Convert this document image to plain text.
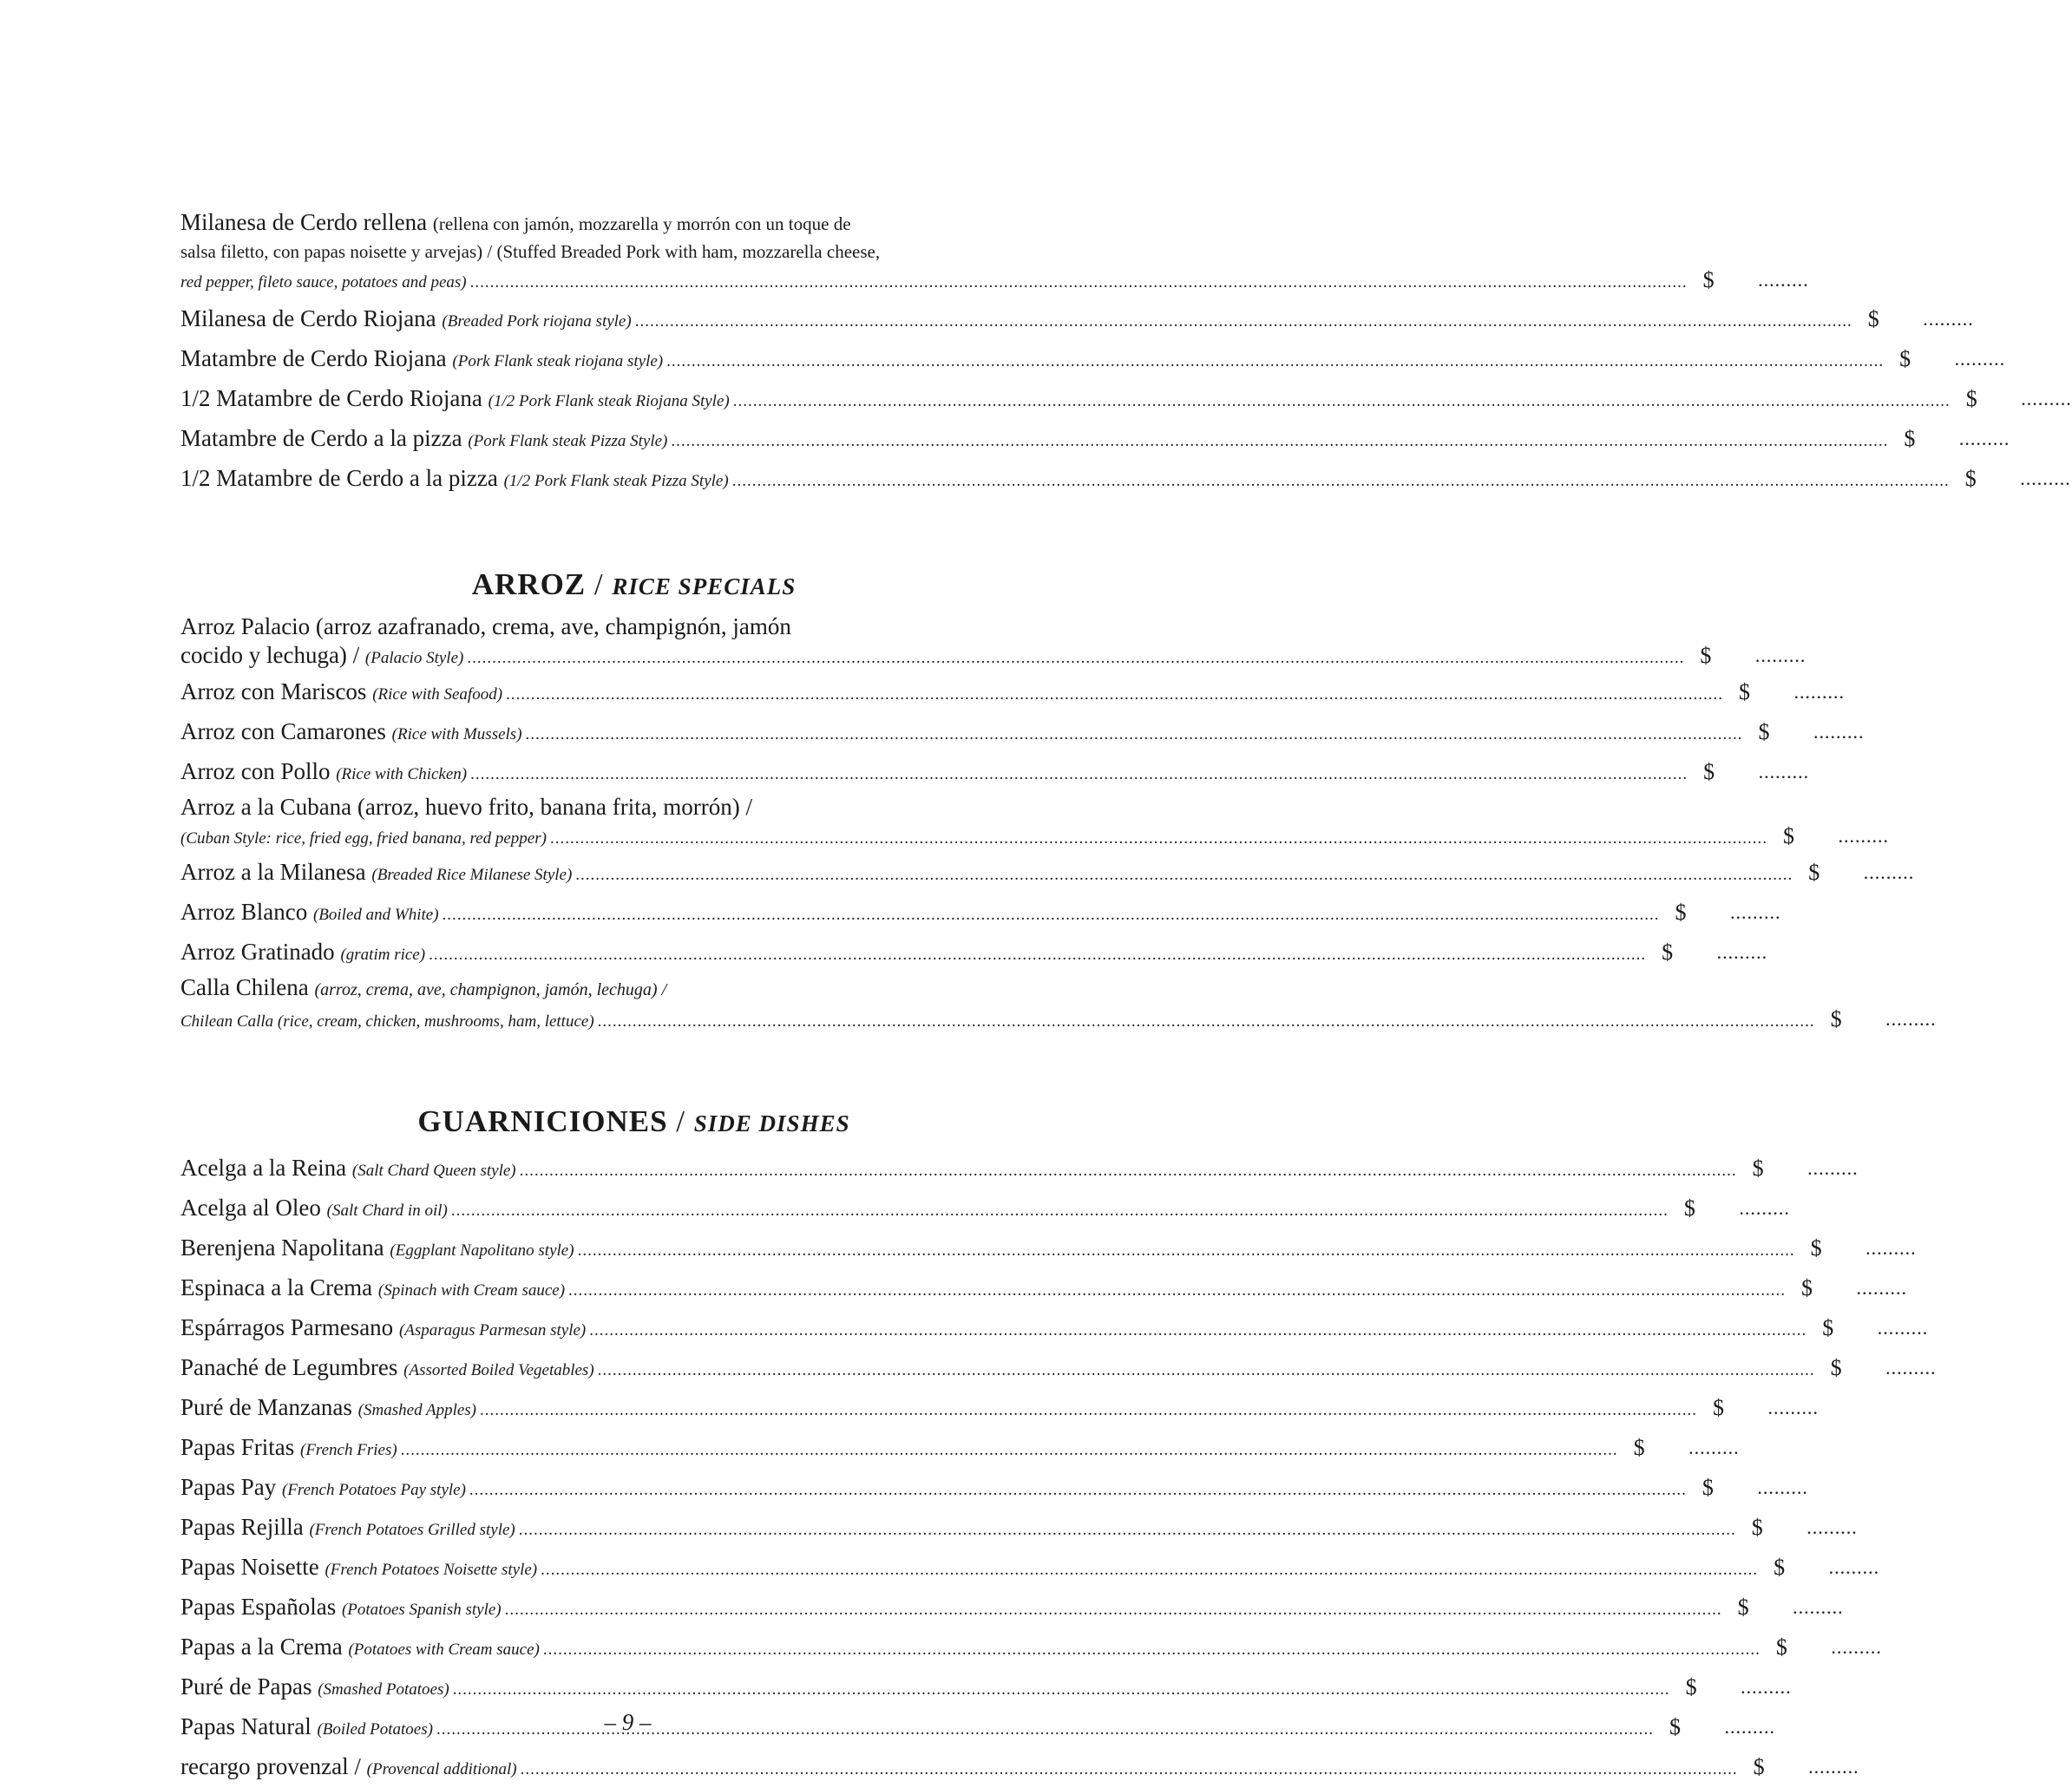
Milanesa de Cerdo rellena (rellena con jamón, mozzarella y morrón con un toque de
salsa filetto, con papas noisette y arvejas) / (Stuffed Breaded Pork with ham, mozzarella cheese,
red pepper, fileto sauce, potatoes and peas) .....	$	.........
Milanesa de Cerdo Riojana (Breaded Pork riojana style) .....	$	.........
Matambre de Cerdo Riojana (Pork Flank steak riojana style) .....	$	.........
1/2 Matambre de Cerdo Riojana (1/2 Pork Flank steak Riojana Style) .....	$	.........
Matambre de Cerdo a la pizza (Pork Flank steak Pizza Style) .....	$	.........
1/2 Matambre de Cerdo a la pizza (1/2 Pork Flank steak Pizza Style) .....	$	.........
ARROZ / RICE SPECIALS
Arroz Palacio (arroz azafranado, crema, ave, champignón, jamón
cocido y lechuga) / (Palacio Style) .....	$	.........
Arroz con Mariscos (Rice with Seafood) .....	$	.........
Arroz con Camarones (Rice with Mussels) .....	$	.........
Arroz con Pollo (Rice with Chicken) .....	$	.........
Arroz a la Cubana (arroz, huevo frito, banana frita, morrón) /
(Cuban Style: rice, fried egg, fried banana, red pepper) .....	$	.........
Arroz a la Milanesa (Breaded Rice Milanese Style) .....	$	.........
Arroz Blanco (Boiled and White) .....	$	.........
Arroz Gratinado (gratim rice) .....	$	.........
Calla Chilena (arroz, crema, ave, champignon, jamón, lechuga) /
Chilean Calla (rice, cream, chicken, mushrooms, ham, lettuce) .....	$	.........
GUARNICIONES / SIDE DISHES
Acelga a la Reina (Salt Chard Queen style) .....	$	.........
Acelga al Oleo (Salt Chard in oil) .....	$	.........
Berenjena Napolitana (Eggplant Napolitano style) .....	$	.........
Espinaca a la Crema (Spinach with Cream sauce) .....	$	.........
Espárragos Parmesano (Asparagus Parmesan style) .....	$	.........
Panaché de Legumbres (Assorted Boiled Vegetables) .....	$	.........
Puré de Manzanas (Smashed Apples) .....	$	.........
Papas Fritas (French Fries) .....	$	.........
Papas Pay (French Potatoes Pay style) .....	$	.........
Papas Rejilla (French Potatoes Grilled style) .....	$	.........
Papas Noisette (French Potatoes Noisette style) .....	$	.........
Papas Españolas (Potatoes Spanish style) .....	$	.........
Papas a la Crema (Potatoes with Cream sauce) .....	$	.........
Puré de Papas (Smashed Potatoes) .....	$	.........
Papas Natural (Boiled Potatoes) .....	$	.........
recargo provenzal / (Provencal additional) .....	$	.........
– 9 –
